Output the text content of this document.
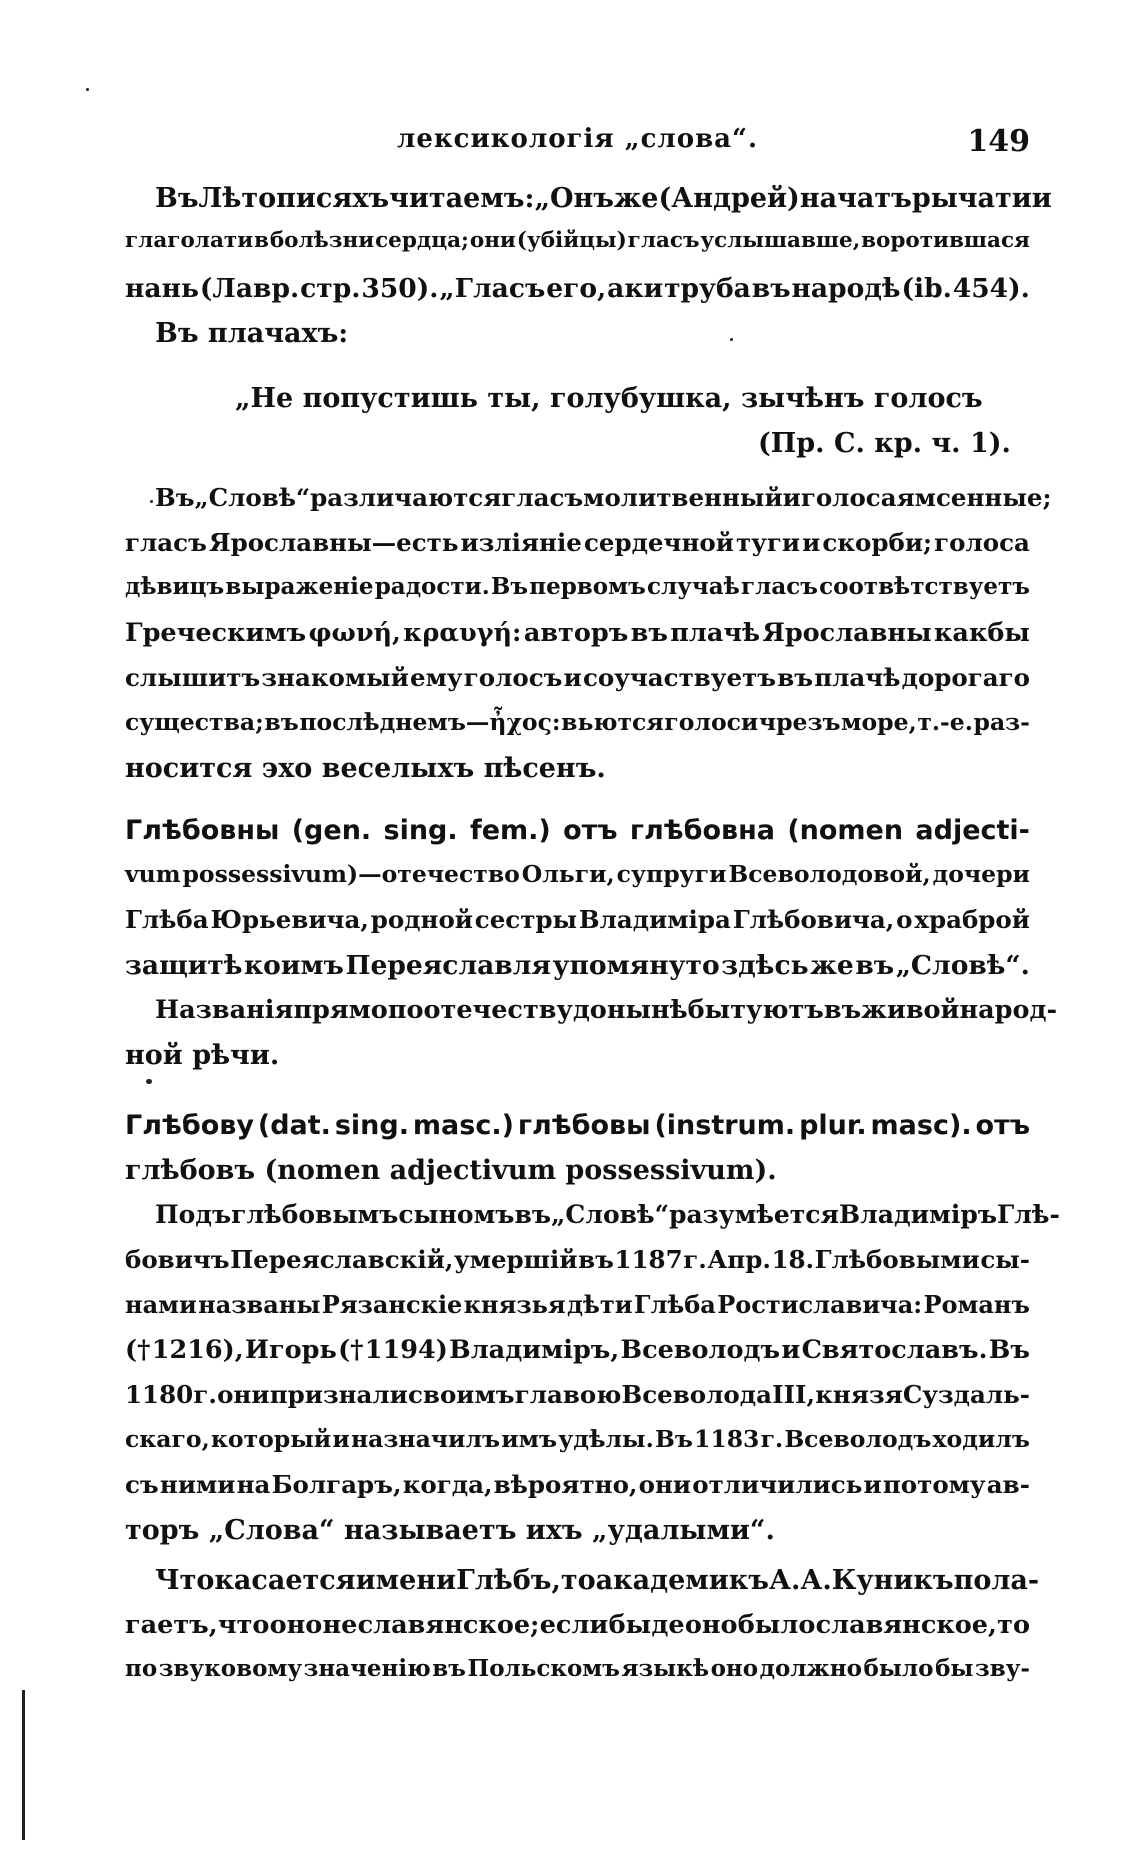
лексикологія „слова“.	149
Въ Лѣтописяхъ читаемъ: „Онъ же (Андрей) начатъ рычати и
глаголати в болѣзни сердца; они (убійцы) гласъ услышавше, воротившася
нань (Лавр. стр. 350). „Гласъ его, аки труба въ народѣ (ib. 454).
Въ плачахъ:
„Не попустишь ты, голубушка, зычѣнъ голосъ
(Пр. С. кр. ч. 1).
Въ „Словѣ“ различаются гласъ молитвенный и голоса ямсенные;
гласъ Ярославны—есть изліяніе сердечной туги и скорби; голоса
дѣвицъ выраженіе радости. Въ первомъ случаѣ гласъ соотвѣтствуетъ
Греческимъ φωνή, κραυγή: авторъ въ плачѣ Ярославны какбы
слышитъ знакомый ему голосъ и соучаствуетъ въ плачѣ дорогаго
существа; въ послѣднемъ—ἦχος: вьются голоси чрезъ море, т.-е. раз-
носится эхо веселыхъ пѣсенъ.
Глѣбовны (gen. sing. fem.) отъ глѣбовна (nomen adjecti-
vum possessivum)—отечество Ольги, супруги Всеволодовой, дочери
Глѣба Юрьевича, родной сестры Владиміра Глѣбовича, о храброй
защитѣ коимъ Переяславля упомянуто здѣсь же въ „Словѣ“.
Названія прямо по отечеству до нынѣ бытуютъ въ живой народ-
ной рѣчи.
Глѣбову (dat. sing. masc.) глѣбовы (instrum. plur. masc). отъ
глѣбовъ (nomen adjectivum possessivum).
Подъ глѣбовымъ сыномъ въ „Словѣ“ разумѣется Владиміръ Глѣ-
бовичъ Переяславскій, умершій въ 1187 г. Апр. 18. Глѣбовыми сы-
нами названы Рязанскіе князья дѣти Глѣба Ростиславича: Романъ
(† 1216), Игорь († 1194) Владиміръ, Всеволодъ и Святославъ. Въ
1180 г. они признали своимъ главою Всеволода III, князя Суздаль-
скаго, который и назначилъ имъ удѣлы. Въ 1183 г. Всеволодъ ходилъ
съ ними на Болгаръ, когда, вѣроятно, они отличились и потому ав-
торъ „Слова“ называетъ ихъ „удалыми“.
Что касается имени Глѣбъ, то академикъ А. А. Куникъ пола-
гаетъ, что оно не славянское; если бы де оно было славянское, то
по звуковому значенію въ Польскомъ языкѣ оно должно было бы зву-
